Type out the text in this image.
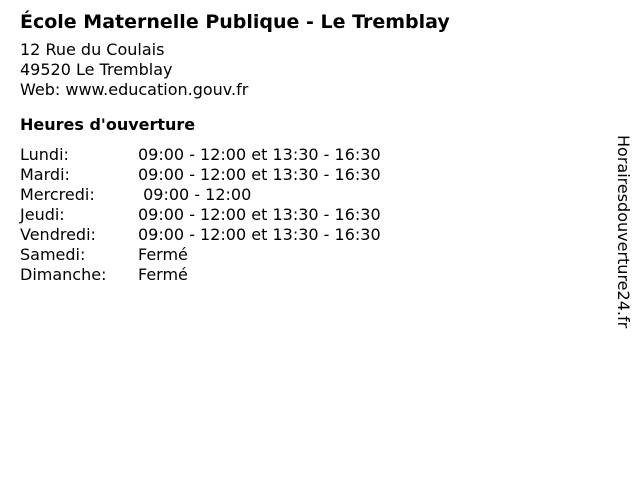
École Maternelle Publique - Le Tremblay
12 Rue du Coulais
49520 Le Tremblay
Web: www.education.gouv.fr
Heures d'ouverture
Lundi:	09:00 - 12:00 et 13:30 - 16:30
Mardi:	09:00 - 12:00 et 13:30 - 16:30
Mercredi:	09:00 - 12:00
Jeudi:	09:00 - 12:00 et 13:30 - 16:30
Vendredi:	09:00 - 12:00 et 13:30 - 16:30
Samedi:	Fermé
Dimanche:	Fermé	Horairesdouverture24.fr
